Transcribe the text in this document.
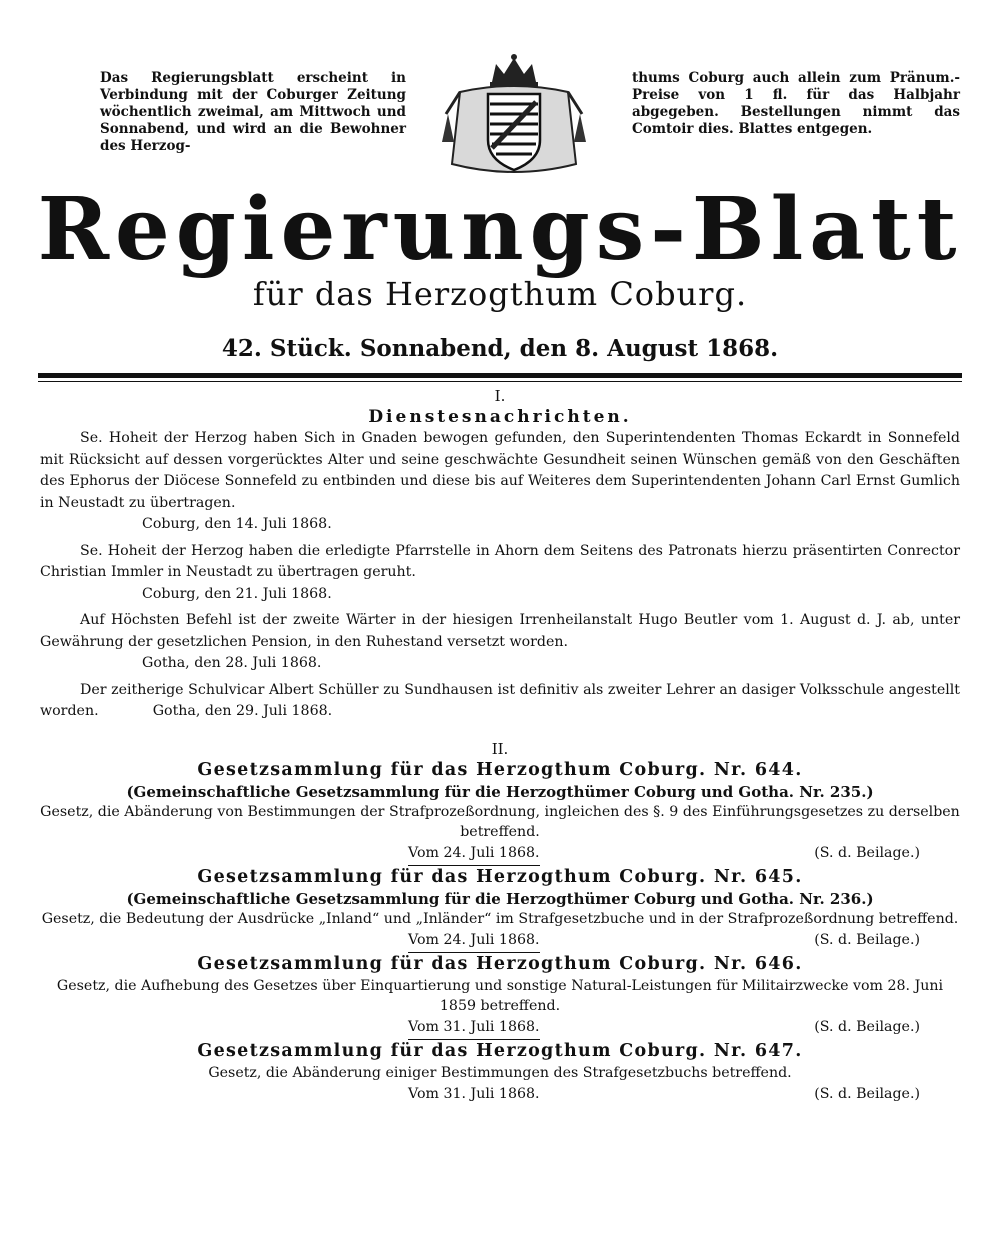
Das Regierungsblatt erscheint in Verbindung mit der Coburger Zeitung wöchentlich zweimal, am Mittwoch und Sonnabend, und wird an die Bewohner des Herzog-
thums Coburg auch allein zum Pränum.-Preise von 1 fl. für das Halbjahr abgegeben. Bestellungen nimmt das Comtoir dies. Blattes entgegen.
Regierungs-Blatt
für das Herzogthum Coburg.
42. Stück. Sonnabend, den 8. August 1868.
I.
Dienstesnachrichten.

Se. Hoheit der Herzog haben Sich in Gnaden bewogen gefunden, den Superintendenten Thomas Eckardt in Sonnefeld mit Rücksicht auf dessen vorgerücktes Alter und seine geschwächte Gesundheit seinen Wünschen gemäß von den Geschäften des Ephorus der Diöcese Sonnefeld zu entbinden und diese bis auf Weiteres dem Superintendenten Johann Carl Ernst Gumlich in Neustadt zu übertragen.

Coburg, den 14. Juli 1868.

Se. Hoheit der Herzog haben die erledigte Pfarrstelle in Ahorn dem Seitens des Patronats hierzu präsentirten Conrector Christian Immler in Neustadt zu übertragen geruht.

Coburg, den 21. Juli 1868.

Auf Höchsten Befehl ist der zweite Wärter in der hiesigen Irrenheilanstalt Hugo Beutler vom 1. August d. J. ab, unter Gewährung der gesetzlichen Pension, in den Ruhestand versetzt worden.

Gotha, den 28. Juli 1868.

Der zeitherige Schulvicar Albert Schüller zu Sundhausen ist definitiv als zweiter Lehrer an dasiger Volksschule angestellt worden.	Gotha, den 29. Juli 1868.

II.
Gesetzsammlung für das Herzogthum Coburg. Nr. 644.
(Gemeinschaftliche Gesetzsammlung für die Herzogthümer Coburg und Gotha. Nr. 235.)
Gesetz, die Abänderung von Bestimmungen der Strafprozeßordnung, ingleichen des §. 9 des Einführungsgesetzes zu derselben betreffend.
Vom 24. Juli 1868.	(S. d. Beilage.)
Gesetzsammlung für das Herzogthum Coburg. Nr. 645.
(Gemeinschaftliche Gesetzsammlung für die Herzogthümer Coburg und Gotha. Nr. 236.)
Gesetz, die Bedeutung der Ausdrücke „Inland“ und „Inländer“ im Strafgesetzbuche und in der Strafprozeßordnung betreffend.
Vom 24. Juli 1868.	(S. d. Beilage.)
Gesetzsammlung für das Herzogthum Coburg. Nr. 646.
Gesetz, die Aufhebung des Gesetzes über Einquartierung und sonstige Natural-Leistungen für Militairzwecke vom 28. Juni 1859 betreffend.
Vom 31. Juli 1868.	(S. d. Beilage.)
Gesetzsammlung für das Herzogthum Coburg. Nr. 647.
Gesetz, die Abänderung einiger Bestimmungen des Strafgesetzbuchs betreffend.
Vom 31. Juli 1868.	(S. d. Beilage.)
